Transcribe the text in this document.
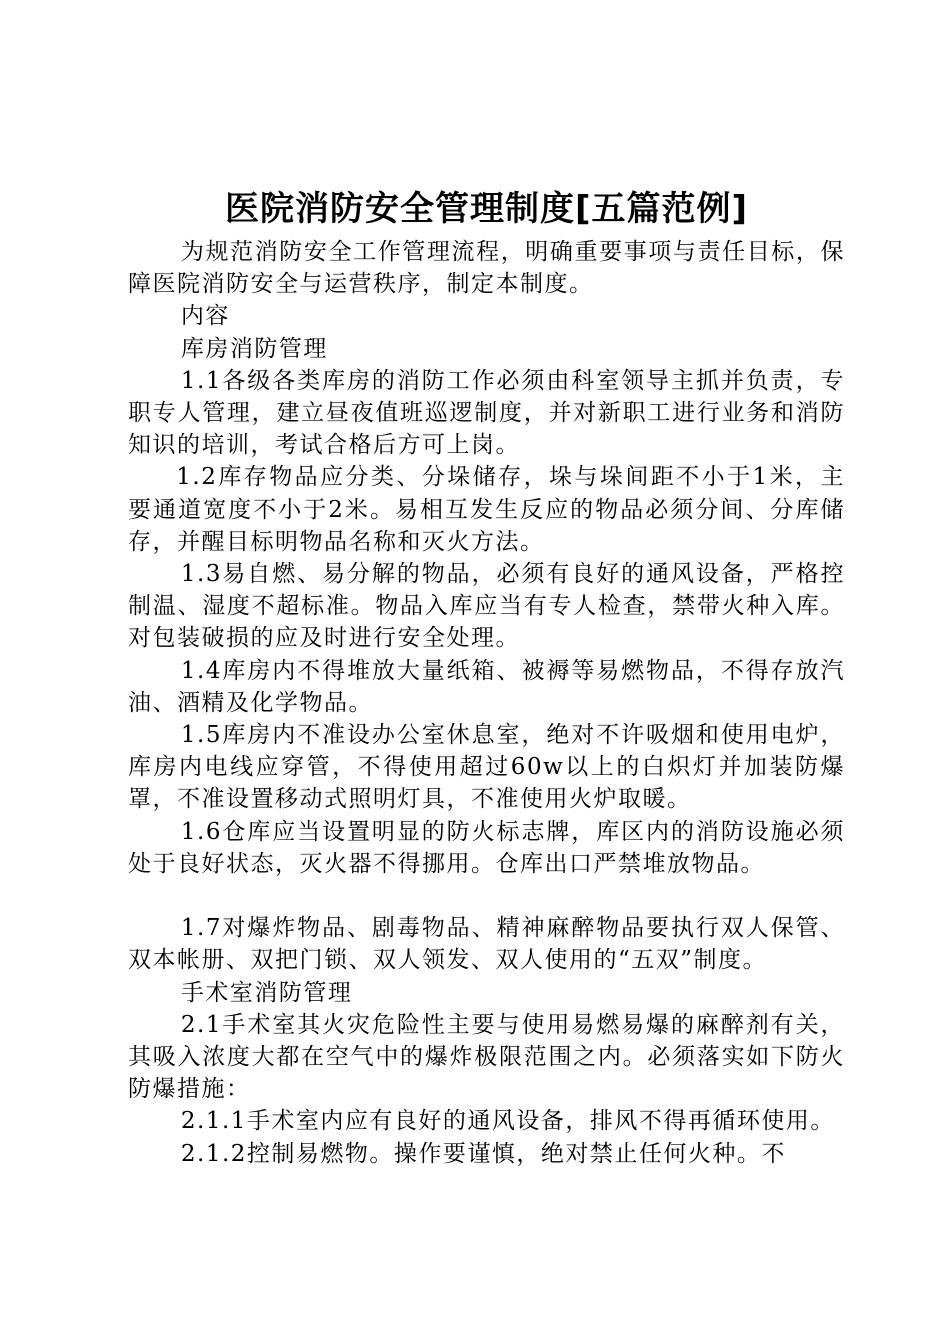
医院消防安全管理制度[五篇范例]

为规范消防安全工作管理流程，明确重要事项与责任目标，保障医院消防安全与运营秩序，制定本制度。

内容

库房消防管理

1.1各级各类库房的消防工作必须由科室领导主抓并负责，专职专人管理，建立昼夜值班巡逻制度，并对新职工进行业务和消防知识的培训，考试合格后方可上岗。

1.2库存物品应分类、分垛储存，垛与垛间距不小于1米，主要通道宽度不小于2米。易相互发生反应的物品必须分间、分库储存，并醒目标明物品名称和灭火方法。

1.3易自燃、易分解的物品，必须有良好的通风设备，严格控制温、湿度不超标准。物品入库应当有专人检查，禁带火种入库。对包装破损的应及时进行安全处理。

1.4库房内不得堆放大量纸箱、被褥等易燃物品，不得存放汽油、酒精及化学物品。

1.5库房内不准设办公室休息室，绝对不许吸烟和使用电炉，库房内电线应穿管，不得使用超过60w以上的白炽灯并加装防爆罩，不准设置移动式照明灯具，不准使用火炉取暖。

1.6仓库应当设置明显的防火标志牌，库区内的消防设施必须处于良好状态，灭火器不得挪用。仓库出口严禁堆放物品。

1.7对爆炸物品、剧毒物品、精神麻醉物品要执行双人保管、双本帐册、双把门锁、双人领发、双人使用的“五双”制度。

手术室消防管理

2.1手术室其火灾危险性主要与使用易燃易爆的麻醉剂有关，其吸入浓度大都在空气中的爆炸极限范围之内。必须落实如下防火防爆措施：

2.1.1手术室内应有良好的通风设备，排风不得再循环使用。

2.1.2控制易燃物。操作要谨慎，绝对禁止任何火种。不
